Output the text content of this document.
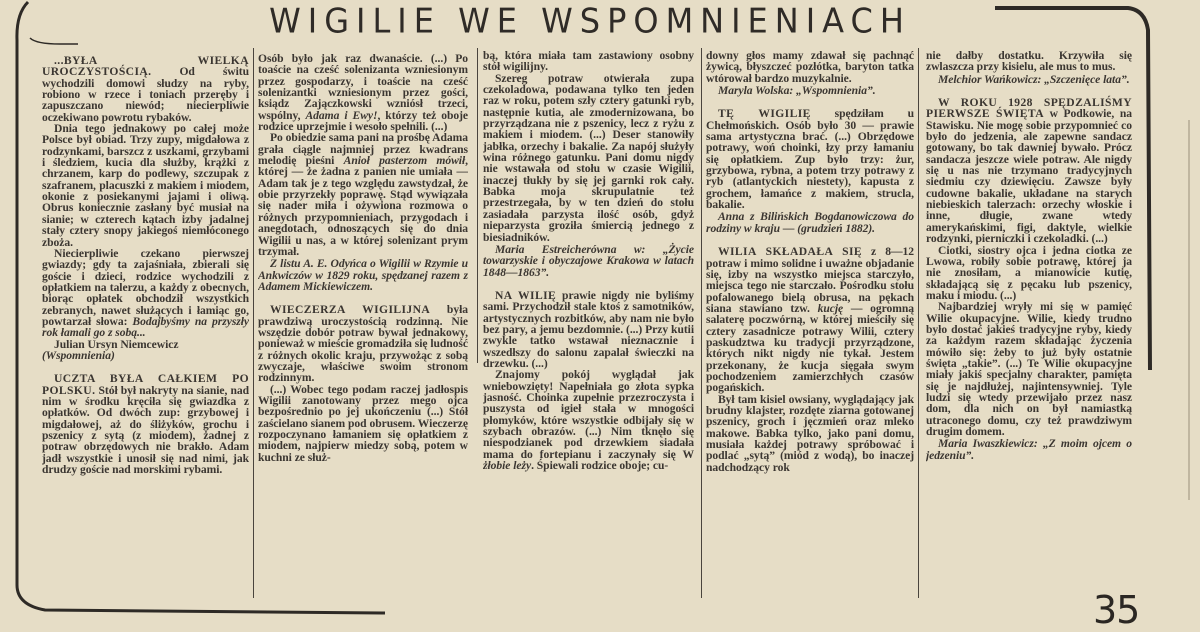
WIGILIE WE WSPOMNIENIACH

...BYŁA WIELKĄ UROCZYSTOŚCIĄ. Od świtu wychodzili domowi słudzy na ryby, robiono w rzece i toniach przeręby i zapuszczano niewód; niecierpliwie oczekiwano powrotu rybaków.

Dnia tego jednakowy po całej może Polsce był obiad. Trzy zupy, migdałowa z rodzynkami, barszcz z uszkami, grzybami i śledziem, kucia dla służby, krążki z chrzanem, karp do podlewy, szczupak z szafranem, placuszki z makiem i miodem, okonie z posiekanymi jajami i oliwą. Obrus koniecznie zasłany być musiał na sianie; w czterech kątach izby jadalnej stały cztery snopy jakiegoś niemłóconego zboża.

Niecierpliwie czekano pierwszej gwiazdy; gdy ta zajaśniała, zbierali się goście i dzieci, rodzice wychodzili z opłatkiem na talerzu, a każdy z obecnych, biorąc opłatek obchodził wszystkich zebranych, nawet służących i łamiąc go, powtarzał słowa: Bodajbyśmy na przyszły rok łamali go z sobą...

Julian Ursyn Niemcewicz

(Wspomnienia)

UCZTA BYŁA CAŁKIEM PO POLSKU. Stół był nakryty na sianie, nad nim w środku kręciła się gwiazdka z opłatków. Od dwóch zup: grzybowej i migdałowej, aż do śliżyków, grochu i pszenicy z sytą (z miodem), żadnej z potraw obrzędowych nie brakło. Adam jadł wszystkie i unosił się nad nimi, jak drudzy goście nad morskimi rybami.

Osób było jak raz dwanaście. (...) Po toaście na cześć solenizanta wzniesionym przez gospodarzy, i toaście na cześć solenizantki wzniesionym przez gości, ksiądz Zajączkowski wzniósł trzeci, wspólny, Adama i Ewy!, którzy też oboje rodzice uprzejmie i wesoło spełnili. (...)

Po obiedzie sama pani na prośbę Adama grała ciągle najmniej przez kwadrans melodię pieśni Anioł pasterzom mówił, której — że żadna z panien nie umiała — Adam tak je z tego względu zawstydzał, że obie przyrzekły poprawę. Stąd wywiązała się nader miła i ożywiona rozmowa o różnych przypomnieniach, przygodach i anegdotach, odnoszących się do dnia Wigilii u nas, a w której solenizant prym trzymał.

Z listu A. E. Odyńca o Wigilii w Rzymie u Ankwiczów w 1829 roku, spędzanej razem z Adamem Mickiewiczem.

WIECZERZA WIGILIJNA była prawdziwą uroczystością rodzinną. Nie wszędzie dobór potraw bywał jednakowy, ponieważ w mieście gromadziła się ludność z różnych okolic kraju, przywożąc z sobą zwyczaje, właściwe swoim stronom rodzinnym.

(...) Wobec tego podam raczej jadłospis Wigilii zanotowany przez mego ojca bezpośrednio po jej ukończeniu (...) Stół zaścielano sianem pod obrusem. Wieczerzę rozpoczynano łamaniem się opłatkiem z miodem, najpierw miedzy sobą, potem w kuchni ze służ-

bą, która miała tam zastawiony osobny stół wigilijny.

Szereg potraw otwierała zupa czekoladowa, podawana tylko ten jeden raz w roku, potem szły cztery gatunki ryb, następnie kutia, ale zmodernizowana, bo przyrządzana nie z pszenicy, lecz z ryżu z makiem i miodem. (...) Deser stanowiły jabłka, orzechy i bakalie. Za napój służyły wina różnego gatunku. Pani domu nigdy nie wstawała od stołu w czasie Wigilii, inaczej tłukły by się jej garnki rok cały. Babka moja skrupulatnie też przestrzegała, by w ten dzień do stołu zasiadała parzysta ilość osób, gdyż nieparzysta groziła śmiercią jednego z biesiadników.

Maria Estreicherówna w: „Życie towarzyskie i obyczajowe Krakowa w latach 1848—1863”.

NA WILIĘ prawie nigdy nie byliśmy sami. Przychodził stale ktoś z samotników, artystycznych rozbitków, aby nam nie było bez pary, a jemu bezdomnie. (...) Przy kutii zwykle tatko wstawał nieznacznie i wszedłszy do salonu zapalał świeczki na drzewku. (...)

Znajomy pokój wyglądał jak wniebowzięty! Napełniała go złota sypka jasność. Choinka zupełnie przezroczysta i puszysta od igieł stała w mnogości płomyków, które wszystkie odbijały się w szybach obrazów. (...) Nim tknęło się niespodzianek pod drzewkiem siadała mama do fortepianu i zaczynały się W żłobie leży. Śpiewali rodzice oboje; cu-

downy głos mamy zdawał się pachnąć żywicą, błyszczeć pozłótka, baryton tatka wtórował bardzo muzykalnie.

Maryla Wolska: „Wspomnienia”.

TĘ WIGILIĘ spędziłam u Chełmońskich. Osób było 30 — prawie sama artystyczna brać. (...) Obrzędowe potrawy, woń choinki, łzy przy łamaniu się opłatkiem. Zup było trzy: żur, grzybowa, rybna, a potem trzy potrawy z ryb (atlantyckich niestety), kapusta z grochem, łamańce z makiem, strucla, bakalie.

Anna z Bilińskich Bogdanowiczowa do rodziny w kraju — (grudzień 1882).

WILIA SKŁADAŁA SIĘ z 8—12 potraw i mimo solidne i uważne objadanie się, izby na wszystko miejsca starczyło, miejsca tego nie starczało. Pośrodku stołu pofalowanego bielą obrusa, na pękach siana stawiano tzw. kucję — ogromną salaterę poczwórną, w której mieściły się cztery zasadnicze potrawy Wilii, cztery paskudztwa ku tradycji przyrządzone, których nikt nigdy nie tykał. Jestem przekonany, że kucja sięgała swym pochodzeniem zamierzchłych czasów pogańskich.

Był tam kisiel owsiany, wyglądający jak brudny klajster, rozdęte ziarna gotowanej pszenicy, groch i jęczmień oraz mleko makowe. Babka tylko, jako pani domu, musiała każdej potrawy spróbować i podlać „sytą” (miód z wodą), bo inaczej nadchodzący rok

nie dałby dostatku. Krzywiła się zwlaszcza przy kisielu, ale mus to mus.

Melchior Wańkowicz: „Szczenięce lata”.

W ROKU 1928 SPĘDZALIŚMY PIERWSZE ŚWIĘTA w Podkowie, na Stawisku. Nie mogę sobie przypomnieć co było do jedzenia, ale zapewne sandacz gotowany, bo tak dawniej bywało. Prócz sandacza jeszcze wiele potraw. Ale nigdy się u nas nie trzymano tradycyjnych siedmiu czy dziewięciu. Zawsze były cudowne bakalie, układane na starych niebieskich talerzach: orzechy włoskie i inne, długie, zwane wtedy amerykańskimi, figi, daktyle, wielkie rodzynki, pierniczki i czekoladki. (...)

Ciotki, siostry ojca i jedna ciotka ze Lwowa, robiły sobie potrawę, której ja nie znosiłam, a mianowicie kutię, składającą się z pęcaku lub pszenicy, maku i miodu. (...)

Najbardziej wryły mi się w pamięć Wilie okupacyjne. Wilie, kiedy trudno było dostać jakieś tradycyjne ryby, kiedy za każdym razem składając życzenia mówiło się: żeby to już były ostatnie święta „takie”. (...) Te Wilie okupacyjne miały jakiś specjalny charakter, pamięta się je najdłużej, najintensywniej. Tyle ludzi się wtedy przewijało przez nasz dom, dla nich on był namiastką utraconego domu, czy też prawdziwym drugim domem.

Maria Iwaszkiewicz: „Z moim ojcem o jedzeniu”.

35
